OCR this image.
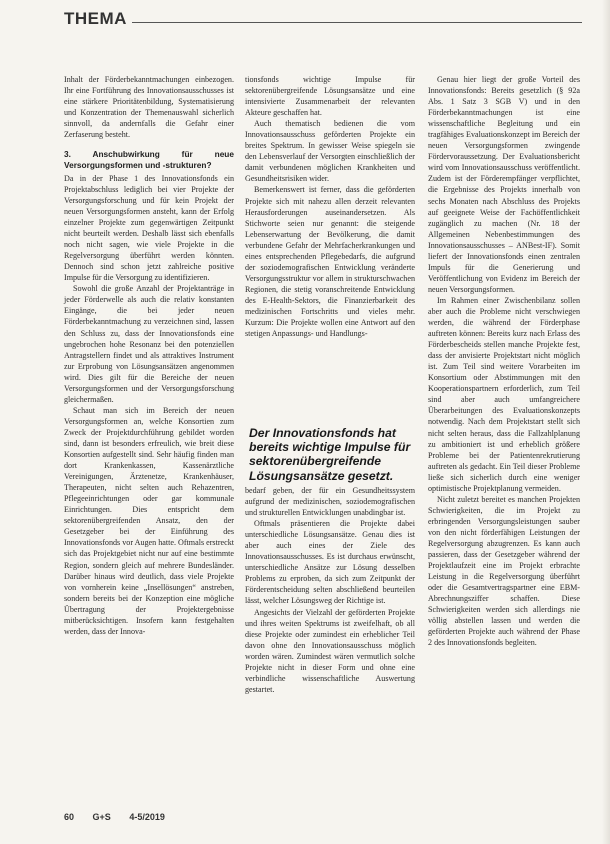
THEMA

Inhalt der Förderbekanntmachungen einbezogen. Ihr eine Fortführung des Innovationsausschusses ist eine stärkere Prioritätenbildung, Systematisierung und Konzentration der Themenauswahl sicherlich sinnvoll, da andernfalls die Gefahr einer Zerfaserung besteht.

3. Anschubwirkung für neue Versorgungsformen und -strukturen?

Da in der Phase 1 des Innovationsfonds ein Projektabschluss lediglich bei vier Projekte der Versorgungsforschung und für kein Projekt der neuen Versorgungsformen ansteht, kann der Erfolg einzelner Projekte zum gegenwärtigen Zeitpunkt nicht beurteilt werden. Deshalb lässt sich ebenfalls noch nicht sagen, wie viele Projekte in die Regelversorgung überführt werden könnten. Dennoch sind schon jetzt zahlreiche positive Impulse für die Versorgung zu identifizieren.

Sowohl die große Anzahl der Projektanträge in jeder Förderwelle als auch die relativ konstanten Eingänge, die bei jeder neuen Förderbekanntmachung zu verzeichnen sind, lassen den Schluss zu, dass der Innovationsfonds eine ungebrochen hohe Resonanz bei den potenziellen Antragstellern findet und als attraktives Instrument zur Erprobung von Lösungsansätzen angenommen wird. Dies gilt für die Bereiche der neuen Versorgungsformen und der Versorgungsforschung gleichermaßen.

Schaut man sich im Bereich der neuen Versorgungsformen an, welche Konsortien zum Zweck der Projektdurchführung gebildet worden sind, dann ist besonders erfreulich, wie breit diese Konsortien aufgestellt sind. Sehr häufig finden man dort Krankenkassen, Kassenärztliche Vereinigungen, Ärztenetze, Krankenhäuser, Therapeuten, nicht selten auch Rehazentren, Pflegeeinrichtungen oder gar kommunale Einrichtungen. Dies entspricht dem sektorenübergreifenden Ansatz, den der Gesetzgeber bei der Einführung des Innovationsfonds vor Augen hatte. Oftmals erstreckt sich das Projektgebiet nicht nur auf eine bestimmte Region, sondern gleich auf mehrere Bundesländer. Darüber hinaus wird deutlich, dass viele Projekte von vornherein keine „Insellösungen“ anstreben, sondern bereits bei der Konzeption eine mögliche Übertragung der Projektergebnisse mitberücksichtigen. Insofern kann festgehalten werden, dass der Innova-

tionsfonds wichtige Impulse für sektorenübergreifende Lösungsansätze und eine intensivierte Zusammenarbeit der relevanten Akteure geschaffen hat.

Auch thematisch bedienen die vom Innovationsausschuss geförderten Projekte ein breites Spektrum. In gewisser Weise spiegeln sie den Lebensverlauf der Versorgten einschließlich der damit verbundenen möglichen Krankheiten und Gesundheitsrisiken wider.

Bemerkenswert ist ferner, dass die geförderten Projekte sich mit nahezu allen derzeit relevanten Herausforderungen auseinandersetzen. Als Stichworte seien nur genannt: die steigende Lebenserwartung der Bevölkerung, die damit verbundene Gefahr der Mehrfacherkrankungen und eines entsprechenden Pflegebedarfs, die aufgrund der soziodemografischen Entwicklung veränderte Versorgungsstruktur vor allem in strukturschwachen Regionen, die stetig voranschreitende Entwicklung des E-Health-Sektors, die Finanzierbarkeit des medizinischen Fortschritts und vieles mehr. Kurzum: Die Projekte wollen eine Antwort auf den stetigen Anpassungs- und Handlungs-

Der Innovationsfonds hat bereits wichtige Impulse für sektorenübergreifende Lösungsansätze gesetzt.

bedarf geben, der für ein Gesundheitssystem aufgrund der medizinischen, soziodemografischen und strukturellen Entwicklungen unabdingbar ist.

Oftmals präsentieren die Projekte dabei unterschiedliche Lösungsansätze. Genau dies ist aber auch eines der Ziele des Innovationsausschusses. Es ist durchaus erwünscht, unterschiedliche Ansätze zur Lösung desselben Problems zu erproben, da sich zum Zeitpunkt der Förderentscheidung selten abschließend beurteilen lässt, welcher Lösungsweg der Richtige ist.

Angesichts der Vielzahl der geförderten Projekte und ihres weiten Spektrums ist zweifelhaft, ob all diese Projekte oder zumindest ein erheblicher Teil davon ohne den Innovationsausschuss möglich worden wären. Zumindest wären vermutlich solche Projekte nicht in dieser Form und ohne eine verbindliche wissenschaftliche Auswertung gestartet.

Genau hier liegt der große Vorteil des Innovationsfonds: Bereits gesetzlich (§ 92a Abs. 1 Satz 3 SGB V) und in den Förderbekanntmachungen ist eine wissenschaftliche Begleitung und ein tragfähiges Evaluationskonzept im Bereich der neuen Versorgungsformen zwingende Fördervoraussetzung. Der Evaluationsbericht wird vom Innovationsausschuss veröffentlicht. Zudem ist der Förderempfänger verpflichtet, die Ergebnisse des Projekts innerhalb von sechs Monaten nach Abschluss des Projekts auf geeignete Weise der Fachöffentlichkeit zugänglich zu machen (Nr. 18 der Allgemeinen Nebenbestimmungen des Innovationsausschusses – ANBest-IF). Somit liefert der Innovationsfonds einen zentralen Impuls für die Generierung und Veröffentlichung von Evidenz im Bereich der neuen Versorgungsformen.

Im Rahmen einer Zwischenbilanz sollen aber auch die Probleme nicht verschwiegen werden, die während der Förderphase auftreten können: Bereits kurz nach Erlass des Förderbescheids stellen manche Projekte fest, dass der anvisierte Projektstart nicht möglich ist. Zum Teil sind weitere Vorarbeiten im Konsortium oder Abstimmungen mit den Kooperationspartnern erforderlich, zum Teil sind aber auch umfangreichere Überarbeitungen des Evaluationskonzepts notwendig. Nach dem Projektstart stellt sich nicht selten heraus, dass die Fallzahlplanung zu ambitioniert ist und erheblich größere Probleme bei der Patientenrekrutierung auftreten als gedacht. Ein Teil dieser Probleme ließe sich sicherlich durch eine weniger optimistische Projektplanung vermeiden.

Nicht zuletzt bereitet es manchen Projekten Schwierigkeiten, die im Projekt zu erbringenden Versorgungsleistungen sauber von den nicht förderfähigen Leistungen der Regelversorgung abzugrenzen. Es kann auch passieren, dass der Gesetzgeber während der Projektlaufzeit eine im Projekt erbrachte Leistung in die Regelversorgung überführt oder die Gesamtvertragspartner eine EBM-Abrechnungsziffer schaffen. Diese Schwierigkeiten werden sich allerdings nie völlig abstellen lassen und werden die geförderten Projekte auch während der Phase 2 des Innovationsfonds begleiten.

60 G+S 4-5/2019
